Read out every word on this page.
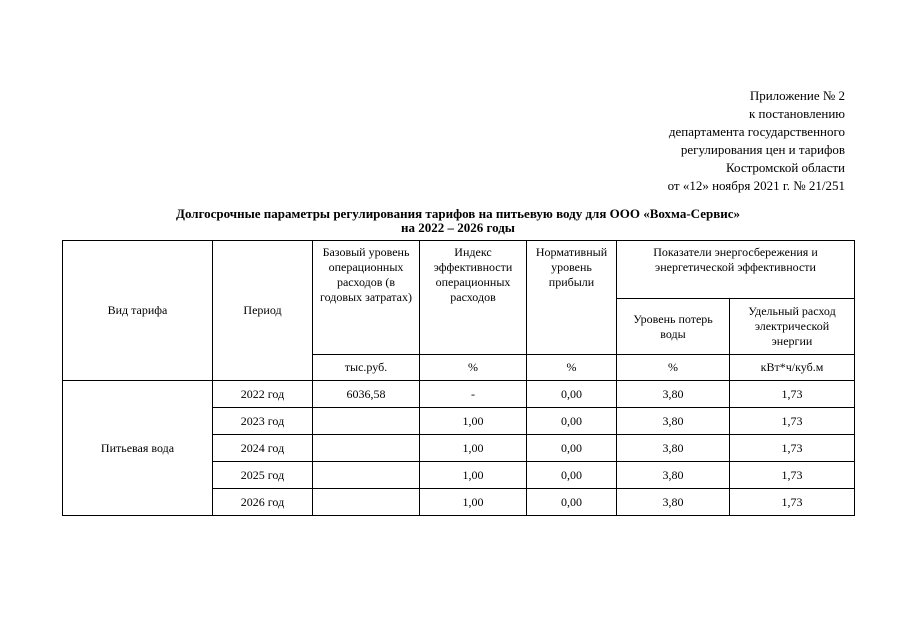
Приложение № 2
к постановлению
департамента государственного
регулирования цен и тарифов
Костромской области
от «12» ноября 2021 г. № 21/251
Долгосрочные параметры регулирования тарифов на питьевую воду для ООО «Вохма-Сервис»
на 2022 – 2026 годы
Вид тарифа	Период	Базовый уровень операционных расходов (в годовых затратах)	Индекс эффективности операционных расходов	Нормативный уровень прибыли	Показатели энергосбережения и энергетической эффективности	
					Уровень потерь воды	Удельный расход электрической энергии
		тыс.руб.	%	%	%	кВт*ч/куб.м
Питьевая вода	2022 год	6036,58	-	0,00	3,80	1,73
	2023 год		1,00	0,00	3,80	1,73
	2024 год		1,00	0,00	3,80	1,73
	2025 год		1,00	0,00	3,80	1,73
	2026 год		1,00	0,00	3,80	1,73
